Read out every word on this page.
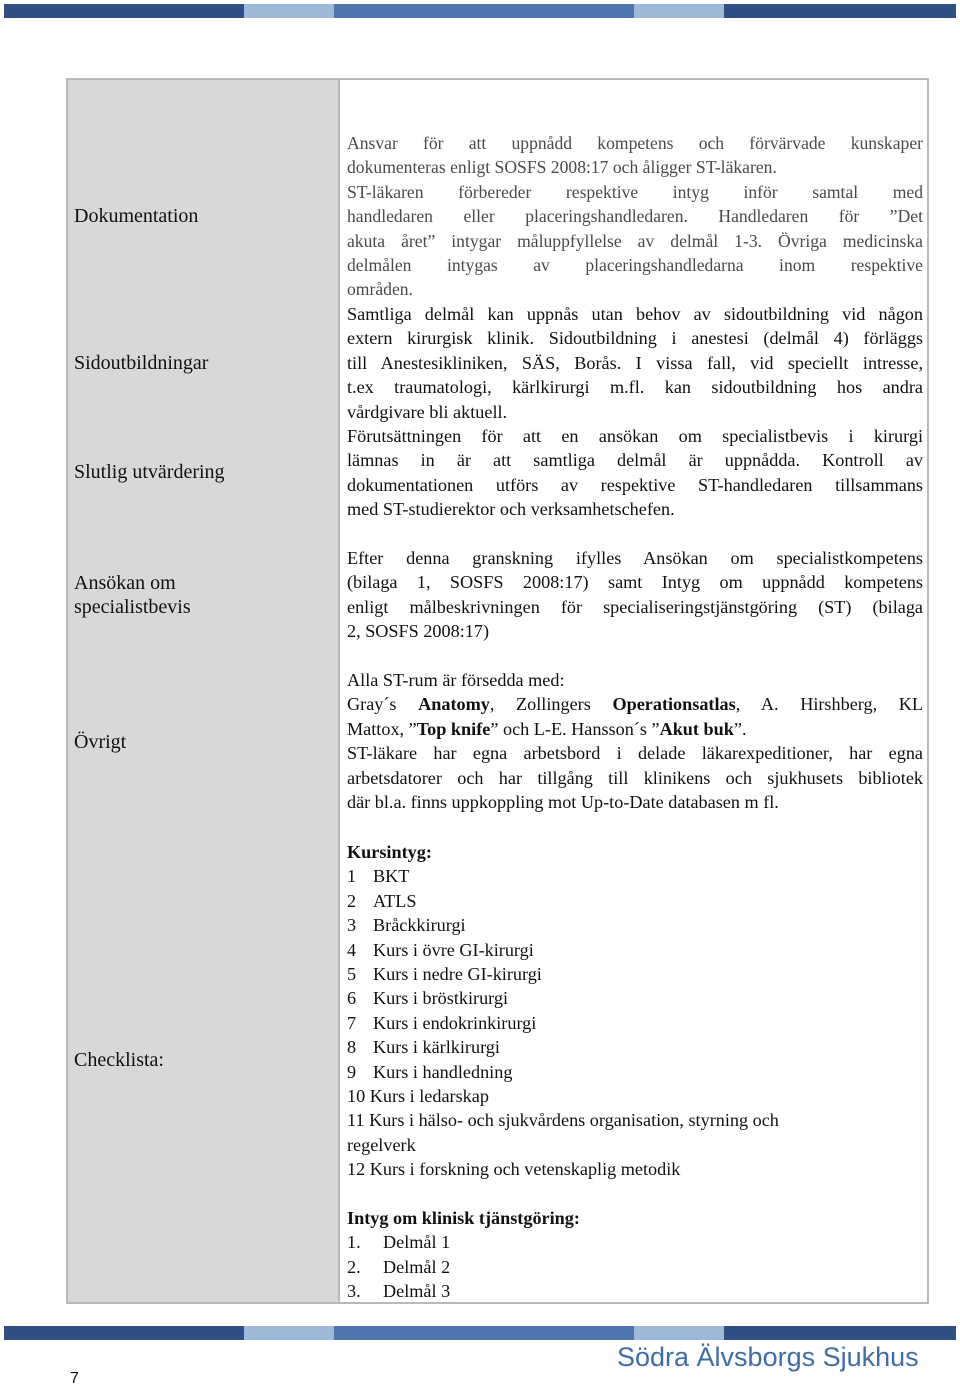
Dokumentation
Sidoutbildningar
Slutlig utvärdering
Ansökan om
specialistbevis
Övrigt
Checklista:
Ansvar för att uppnådd kompetens och förvärvade kunskaper
dokumenteras enligt SOSFS 2008:17 och åligger ST-läkaren.
ST-läkaren förbereder respektive intyg inför samtal med
handledaren eller placeringshandledaren. Handledaren för ”Det
akuta året” intygar måluppfyllelse av delmål 1-3. Övriga medicinska
delmålen intygas av placeringshandledarna inom respektive
områden.
Samtliga delmål kan uppnås utan behov av sidoutbildning vid någon
extern kirurgisk klinik. Sidoutbildning i anestesi (delmål 4) förläggs
till Anestesikliniken, SÄS, Borås. I vissa fall, vid speciellt intresse,
t.ex traumatologi, kärlkirurgi m.fl. kan sidoutbildning hos andra
vårdgivare bli aktuell.
Förutsättningen för att en ansökan om specialistbevis i kirurgi
lämnas in är att samtliga delmål är uppnådda. Kontroll av
dokumentationen utförs av respektive ST-handledaren tillsammans
med ST-studierektor och verksamhetschefen.
Efter denna granskning ifylles Ansökan om specialistkompetens
(bilaga 1, SOSFS 2008:17) samt Intyg om uppnådd kompetens
enligt målbeskrivningen för specialiseringstjänstgöring (ST) (bilaga
2, SOSFS 2008:17)
Alla ST-rum är försedda med:
Gray´s Anatomy, Zollingers Operationsatlas, A. Hirshberg, KL
Mattox, ”Top knife” och L-E. Hansson´s ”Akut buk”.
ST-läkare har egna arbetsbord i delade läkarexpeditioner, har egna
arbetsdatorer och har tillgång till klinikens och sjukhusets bibliotek
där bl.a. finns uppkoppling mot Up-to-Date databasen m fl.
Kursintyg:
1 BKT
2 ATLS
3 Bråckkirurgi
4 Kurs i övre GI-kirurgi
5 Kurs i nedre GI-kirurgi
6 Kurs i bröstkirurgi
7 Kurs i endokrinkirurgi
8 Kurs i kärlkirurgi
9 Kurs i handledning
10 Kurs i ledarskap
11 Kurs i hälso- och sjukvårdens organisation, styrning och
regelverk
12 Kurs i forskning och vetenskaplig metodik
Intyg om klinisk tjänstgöring:
1. Delmål 1
2. Delmål 2
3. Delmål 3
7
Södra Älvsborgs Sjukhus
